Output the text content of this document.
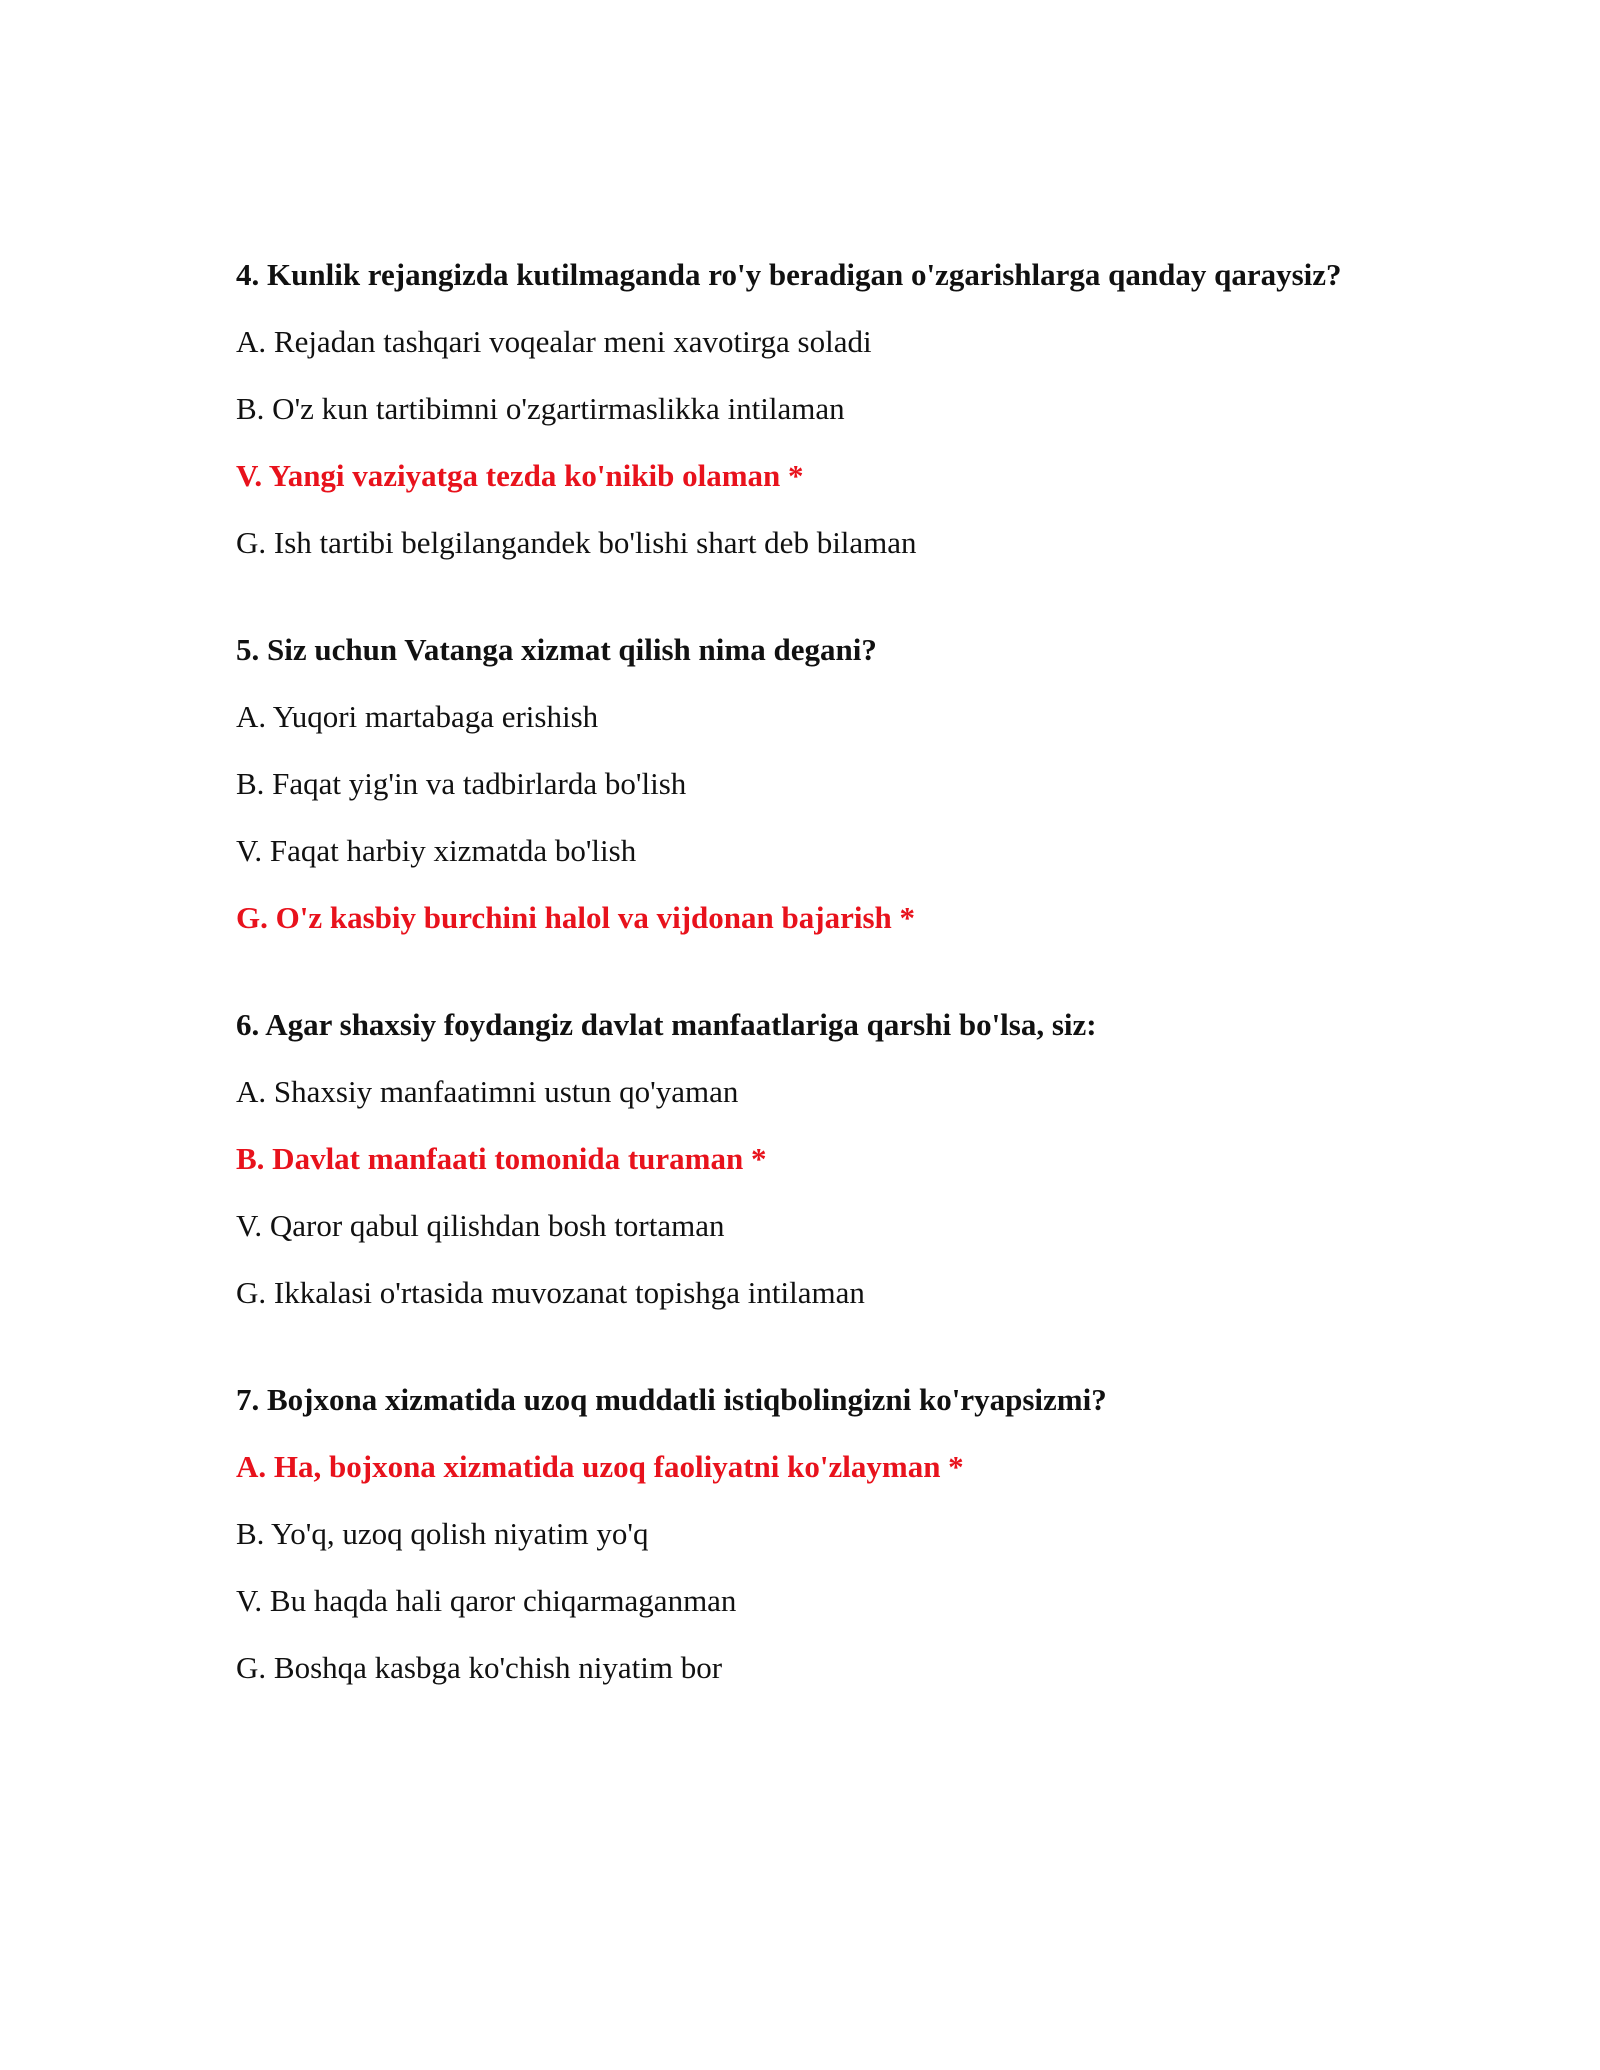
4. Kunlik rejangizda kutilmaganda ro'y beradigan o'zgarishlarga qanday qaraysiz?

A. Rejadan tashqari voqealar meni xavotirga soladi
B. O'z kun tartibimni o'zgartirmaslikka intilaman
V. Yangi vaziyatga tezda ko'nikib olaman *
G. Ish tartibi belgilangandek bo'lishi shart deb bilaman

5. Siz uchun Vatanga xizmat qilish nima degani?

A. Yuqori martabaga erishish
B. Faqat yig'in va tadbirlarda bo'lish
V. Faqat harbiy xizmatda bo'lish
G. O'z kasbiy burchini halol va vijdonan bajarish *

6. Agar shaxsiy foydangiz davlat manfaatlariga qarshi bo'lsa, siz:

A. Shaxsiy manfaatimni ustun qo'yaman
B. Davlat manfaati tomonida turaman *
V. Qaror qabul qilishdan bosh tortaman
G. Ikkalasi o'rtasida muvozanat topishga intilaman

7. Bojxona xizmatida uzoq muddatli istiqbolingizni ko'ryapsizmi?

A. Ha, bojxona xizmatida uzoq faoliyatni ko'zlayman *
B. Yo'q, uzoq qolish niyatim yo'q
V. Bu haqda hali qaror chiqarmaganman
G. Boshqa kasbga ko'chish niyatim bor
